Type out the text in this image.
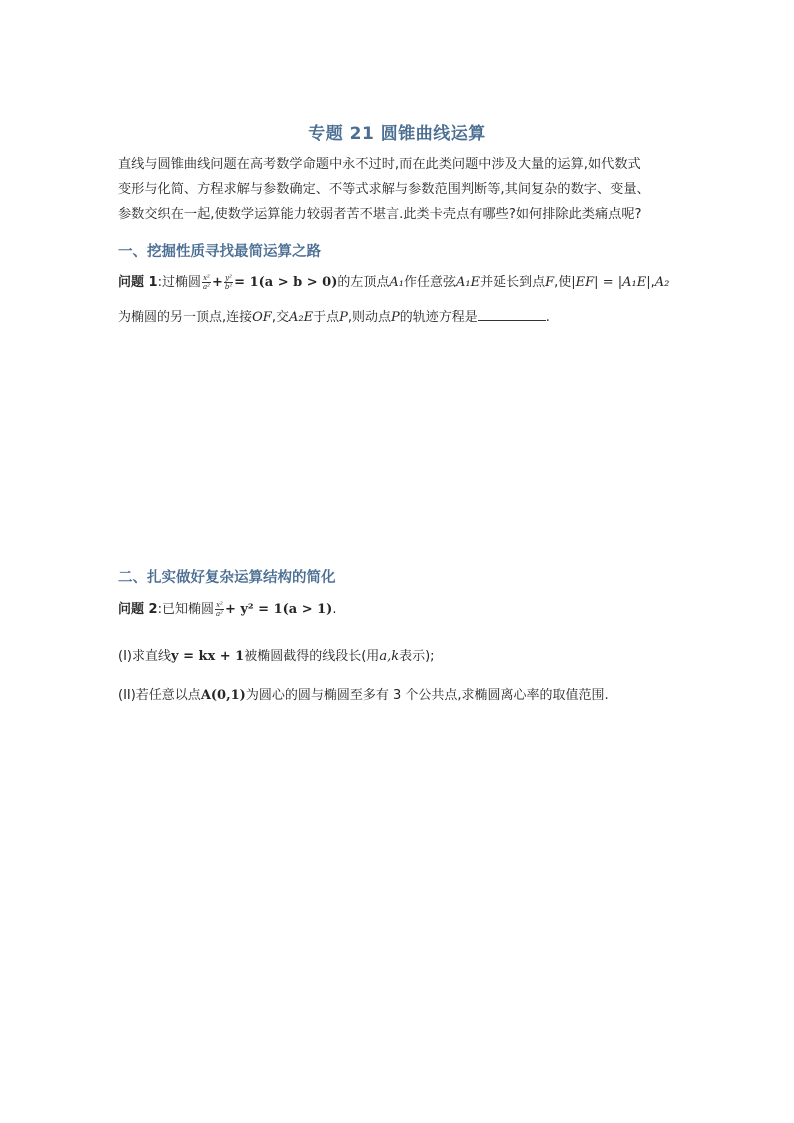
专题 21 圆锥曲线运算
直线与圆锥曲线问题在高考数学命题中永不过时,而在此类问题中涉及大量的运算,如代数式
变形与化简、方程求解与参数确定、不等式求解与参数范围判断等,其间复杂的数字、变量、
参数交织在一起,使数学运算能力较弱者苦不堪言.此类卡壳点有哪些?如何排除此类痛点呢?
一、挖掘性质寻找最简运算之路
问题 1:过椭圆 $\frac{\text{x²}}{\text{a²}} + \frac{\text{y²}}{\text{b²}} = 1(a > b > 0)$的左顶点A₁作任意弦A₁E并延长到点F,使|EF| = |A₁E|,A₂
为椭圆的另一顶点,连接OF,交A₂E于点P,则动点P的轨迹方程是	.
二、扎实做好复杂运算结构的简化
问题 2:已知椭圆 $\frac{\text{x²}}{\text{a²}} + y^2 = 1(a > 1)$.
(I)求直线y = kx + 1被椭圆截得的线段长(用a,k表示);
(II)若任意以点A(0,1)为圆心的圆与椭圆至多有 3 个公共点,求椭圆离心率的取值范围.
